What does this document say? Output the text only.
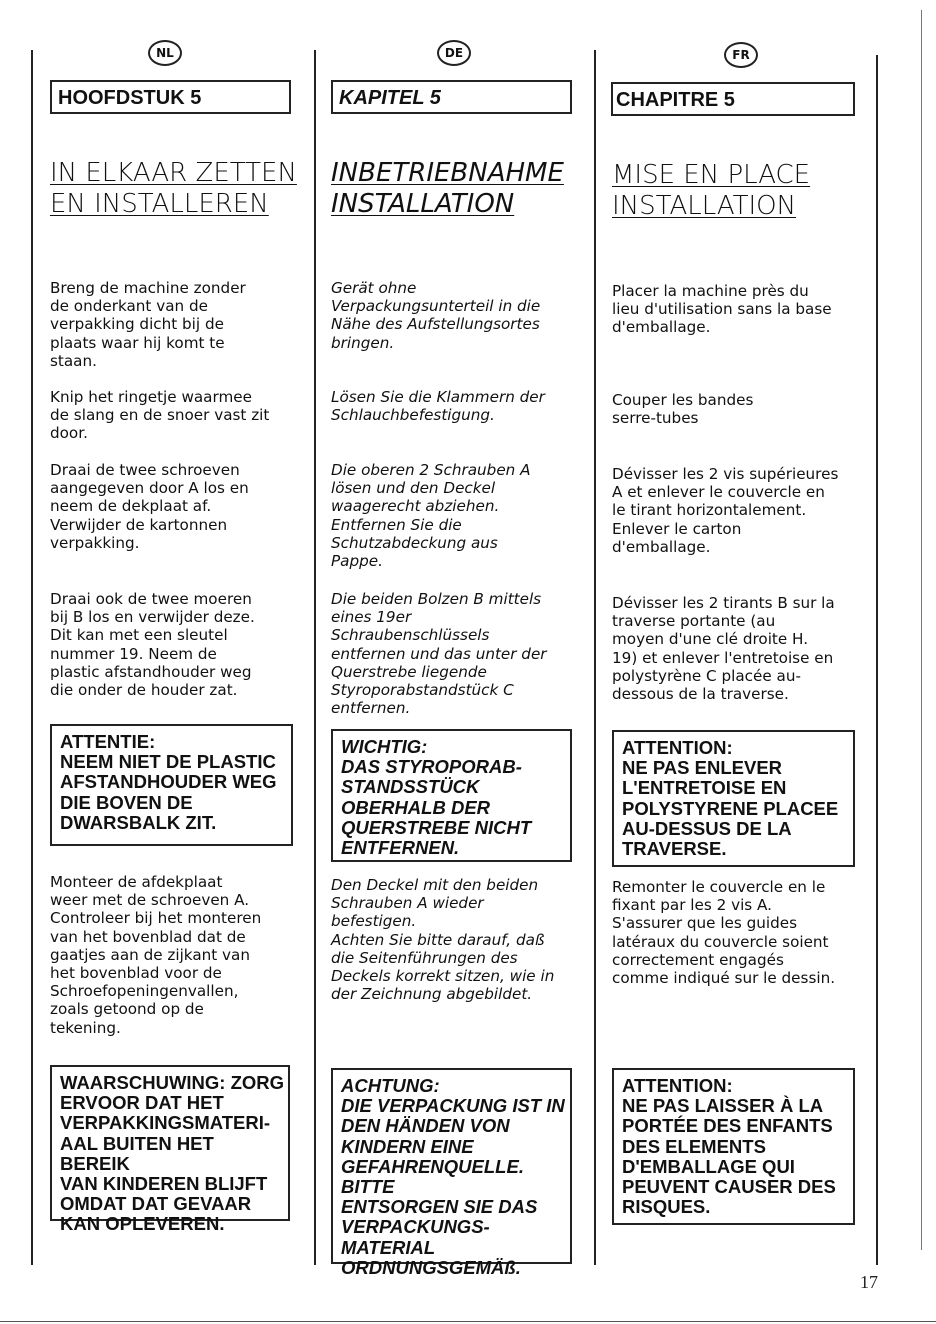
NL
HOOFDSTUK 5
IN ELKAAR ZETTEN
EN INSTALLEREN

Breng de machine zonder
de onderkant van de
verpakking dicht bij de
plaats waar hij komt te
staan.

Knip het ringetje waarmee
de slang en de snoer vast zit
door.

Draai de twee schroeven
aangegeven door A los en
neem de dekplaat af.
Verwijder de kartonnen
verpakking.

Draai ook de twee moeren
bij B los en verwijder deze.
Dit kan met een sleutel
nummer 19. Neem de
plastic afstandhouder weg
die onder de houder zat.

ATTENTIE:
NEEM NIET DE PLASTIC
AFSTANDHOUDER WEG
DIE BOVEN DE
DWARSBALK ZIT.

Monteer de afdekplaat
weer met de schroeven A.
Controleer bij het monteren
van het bovenblad dat de
gaatjes aan de zijkant van
het bovenblad voor de
Schroefopeningenvallen,
zoals getoond op de
tekening.

WAARSCHUWING: ZORG
ERVOOR DAT HET
VERPAKKINGSMATERI-
AAL BUITEN HET BEREIK
VAN KINDEREN BLIJFT
OMDAT DAT GEVAAR
KAN OPLEVEREN.
DE
KAPITEL 5
INBETRIEBNAHME
INSTALLATION

Gerät ohne
Verpackungsunterteil in die
Nähe des Aufstellungsortes
bringen.

Lösen Sie die Klammern der
Schlauchbefestigung.

Die oberen 2 Schrauben A
lösen und den Deckel
waagerecht abziehen.
Entfernen Sie die
Schutzabdeckung aus
Pappe.

Die beiden Bolzen B mittels
eines 19er
Schraubenschlüssels
entfernen und das unter der
Querstrebe liegende
Styroporabstandstück C
entfernen.

WICHTIG:
DAS STYROPORAB-
STANDSSTÜCK
OBERHALB DER
QUERSTREBE NICHT
ENTFERNEN.

Den Deckel mit den beiden
Schrauben A wieder
befestigen.
Achten Sie bitte darauf, daß
die Seitenführungen des
Deckels korrekt sitzen, wie in
der Zeichnung abgebildet.

ACHTUNG:
DIE VERPACKUNG IST IN
DEN HÄNDEN VON
KINDERN EINE
GEFAHRENQUELLE. BITTE
ENTSORGEN SIE DAS
VERPACKUNGS-
MATERIAL
ORDNUNGSGEMÄß.
FR
CHAPITRE 5
MISE EN PLACE
INSTALLATION

Placer la machine près du
lieu d'utilisation sans la base
d'emballage.

Couper les bandes
serre-tubes

Dévisser les 2 vis supérieures
A et enlever le couvercle en
le tirant horizontalement.
Enlever le carton
d'emballage.

Dévisser les 2 tirants B sur la
traverse portante (au
moyen d'une clé droite H.
19) et enlever l'entretoise en
polystyrène C placée au-
dessous de la traverse.

ATTENTION:
NE PAS ENLEVER
L'ENTRETOISE EN
POLYSTYRENE PLACEE
AU-DESSUS DE LA
TRAVERSE.

Remonter le couvercle en le
fixant par les 2 vis A.
S'assurer que les guides
latéraux du couvercle soient
correctement engagés
comme indiqué sur le dessin.

ATTENTION:
NE PAS LAISSER À LA
PORTÉE DES ENFANTS
DES ELEMENTS
D'EMBALLAGE QUI
PEUVENT CAUSER DES
RISQUES.
17
